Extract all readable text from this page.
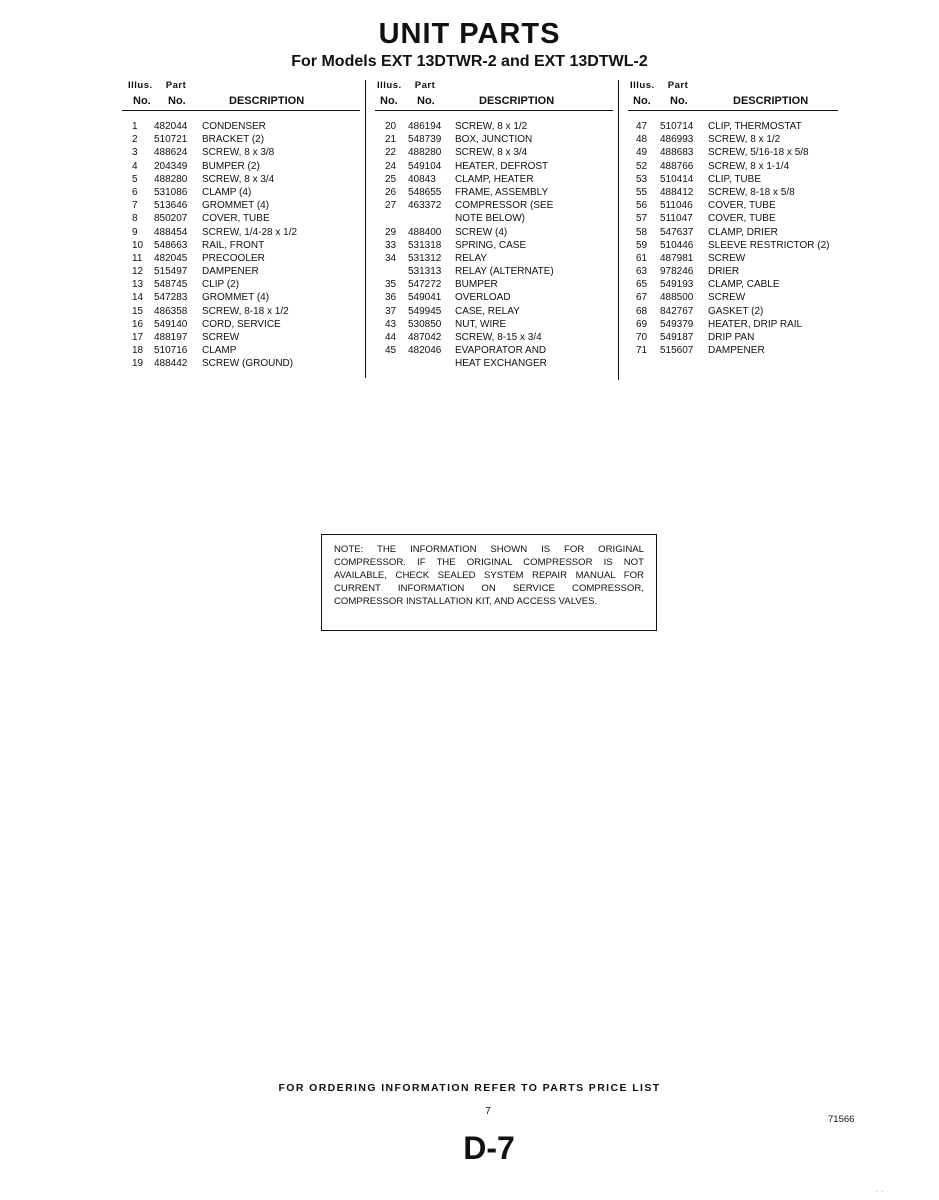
UNIT PARTS
For Models EXT 13DTWR-2 and EXT 13DTWL-2
Illus. Part
No. No.	DESCRIPTION
1 482044 CONDENSER
2 510721 BRACKET (2)
3 488624 SCREW, 8 x 3/8
4 204349 BUMPER (2)
5 488280 SCREW, 8 x 3/4
6 531086 CLAMP (4)
7 513646 GROMMET (4)
8 850207 COVER, TUBE
9 488454 SCREW, 1/4-28 x 1/2
10 548663 RAIL, FRONT
11 482045 PRECOOLER
12 515497 DAMPENER
13 548745 CLIP (2)
14 547283 GROMMET (4)
15 486358 SCREW, 8-18 x 1/2
16 549140 CORD, SERVICE
17 488197 SCREW
18 510716 CLAMP
19 488442 SCREW (GROUND)
Illus. Part
No. No.	DESCRIPTION
20 486194 SCREW, 8 x 1/2
21 548739 BOX, JUNCTION
22 488280 SCREW, 8 x 3/4
24 549104 HEATER, DEFROST
25 40843 CLAMP, HEATER
26 548655 FRAME, ASSEMBLY
27 463372 COMPRESSOR (SEE
NOTE BELOW)
29 488400 SCREW (4)
33 531318 SPRING, CASE
34 531312 RELAY
531313 RELAY (ALTERNATE)
35 547272 BUMPER
36 549041 OVERLOAD
37 549945 CASE, RELAY
43 530850 NUT, WIRE
44 487042 SCREW, 8-15 x 3/4
45 482046 EVAPORATOR AND
HEAT EXCHANGER
Illus. Part
No. No.	DESCRIPTION
47 510714 CLIP, THERMOSTAT
48 486993 SCREW, 8 x 1/2
49 488683 SCREW, 5/16-18 x 5/8
52 488766 SCREW, 8 x 1-1/4
53 510414 CLIP, TUBE
55 488412 SCREW, 8-18 x 5/8
56 511046 COVER, TUBE
57 511047 COVER, TUBE
58 547637 CLAMP, DRIER
59 510446 SLEEVE RESTRICTOR (2)
61 487981 SCREW
63 978246 DRIER
65 549193 CLAMP, CABLE
67 488500 SCREW
68 842767 GASKET (2)
69 549379 HEATER, DRIP RAIL
70 549187 DRIP PAN
71 515607 DAMPENER
NOTE: THE INFORMATION SHOWN IS FOR ORIGINAL COMPRESSOR. IF THE ORIGINAL COMPRESSOR IS NOT AVAILABLE, CHECK SEALED SYSTEM REPAIR MANUAL FOR CURRENT INFORMATION ON SERVICE COMPRESSOR, COMPRESSOR INSTALLATION KIT, AND ACCESS VALVES.
FOR ORDERING INFORMATION REFER TO PARTS PRICE LIST
7
71566
D-7
·  ·
